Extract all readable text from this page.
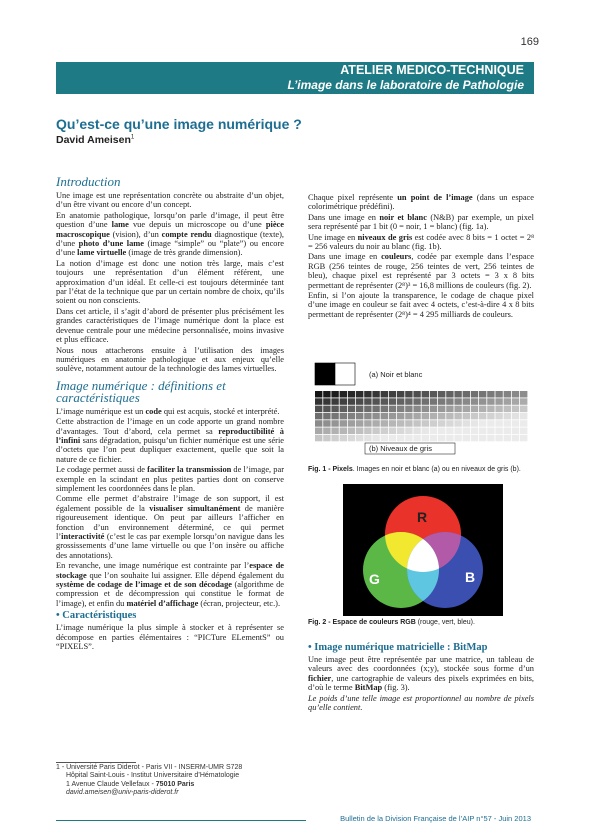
169
ATELIER MEDICO-TECHNIQUE
L’image dans le laboratoire de Pathologie
Qu’est-ce qu’une image numérique ?
David Ameisen$^1$
Introduction
Une image est une représentation concrète ou abstraite d’un objet, d’un être vivant ou encore d’un concept.
En anatomie pathologique, lorsqu’on parle d’image, il peut être question d’une lame vue depuis un microscope ou d’une pièce macroscopique (vision), d’un compte rendu diagnostique (texte), d’une photo d’une lame (image “simple” ou “plate”) ou encore d’une lame virtuelle (image de très grande dimension).
La notion d’image est donc une notion très large, mais c’est toujours une représentation d’un élément référent, une approximation d’un idéal. Et celle-ci est toujours déterminée tant par l’état de la technique que par un certain nombre de choix, qu’ils soient ou non conscients.
Dans cet article, il s’agit d’abord de présenter plus précisément les grandes caractéristiques de l’image numérique dont la place est devenue centrale pour une médecine personnalisée, moins invasive et plus efficace.
Nous nous attacherons ensuite à l’utilisation des images numériques en anatomie pathologique et aux enjeux qu’elle soulève, notamment autour de la technologie des lames virtuelles.
Image numérique : définitions et caractéristiques
L’image numérique est un code qui est acquis, stocké et interprété.
Cette abstraction de l’image en un code apporte un grand nombre d’avantages. Tout d’abord, cela permet sa reproductibilité à l’infini sans dégradation, puisqu’un fichier numérique est une série d’octets que l’on peut dupliquer exactement, quelle que soit la nature de ce fichier.
Le codage permet aussi de faciliter la transmission de l’image, par exemple en la scindant en plus petites parties dont on conserve simplement les coordonnées dans le plan.
Comme elle permet d’abstraire l’image de son support, il est également possible de la visualiser simultanément de manière rigoureusement identique. On peut par ailleurs l’afficher en fonction d’un environnement déterminé, ce qui permet l’interactivité (c’est le cas par exemple lorsqu’on navigue dans les grossissements d’une lame virtuelle ou que l’on insère ou affiche des annotations).
En revanche, une image numérique est contrainte par l’espace de stockage que l’on souhaite lui assigner. Elle dépend également du système de codage de l’image et de son décodage (algorithme de compression et de décompression qui constitue le format de l’image), et enfin du matériel d’affichage (écran, projecteur, etc.).
• Caractéristiques
L’image numérique la plus simple à stocker et à représenter se décompose en parties élémentaires : “PICTure ELementS” ou “PIXELS”.
Chaque pixel représente un point de l’image (dans un espace colorimétrique prédéfini).
Dans une image en noir et blanc (N&B) par exemple, un pixel sera représenté par 1 bit (0 = noir, 1 = blanc) (fig. 1a).
Une image en niveaux de gris est codée avec 8 bits = 1 octet = 2⁸ = 256 valeurs du noir au blanc (fig. 1b).
Dans une image en couleurs, codée par exemple dans l’espace RGB (256 teintes de rouge, 256 teintes de vert, 256 teintes de bleu), chaque pixel est représenté par 3 octets = 3 x 8 bits permettant de représenter (2⁸)³ = 16,8 millions de couleurs (fig. 2).
Enfin, si l’on ajoute la transparence, le codage de chaque pixel d’une image en couleur se fait avec 4 octets, c’est-à-dire 4 x 8 bits permettant de représenter (2⁸)⁴ = 4 295 milliards de couleurs.
(a) Noir et blanc
(b) Niveaux de gris
Fig. 1 - Pixels. Images en noir et blanc (a) ou en niveaux de gris (b).
R
G	B
Fig. 2 - Espace de couleurs RGB (rouge, vert, bleu).
• Image numérique matricielle : BitMap
Une image peut être représentée par une matrice, un tableau de valeurs avec des coordonnées (x;y), stockée sous forme d’un fichier, une cartographie de valeurs des pixels exprimées en bits, d’où le terme BitMap (fig. 3).
Le poids d’une telle image est proportionnel au nombre de pixels qu’elle contient.
1 - Université Paris Diderot - Paris VII - INSERM-UMR S728
Hôpital Saint-Louis - Institut Universitaire d’Hématologie
1 Avenue Claude Vellefaux - 75010 Paris
david.ameisen@univ-paris-diderot.fr
Bulletin de la Division Française de l’AIP n°57 - Juin 2013
